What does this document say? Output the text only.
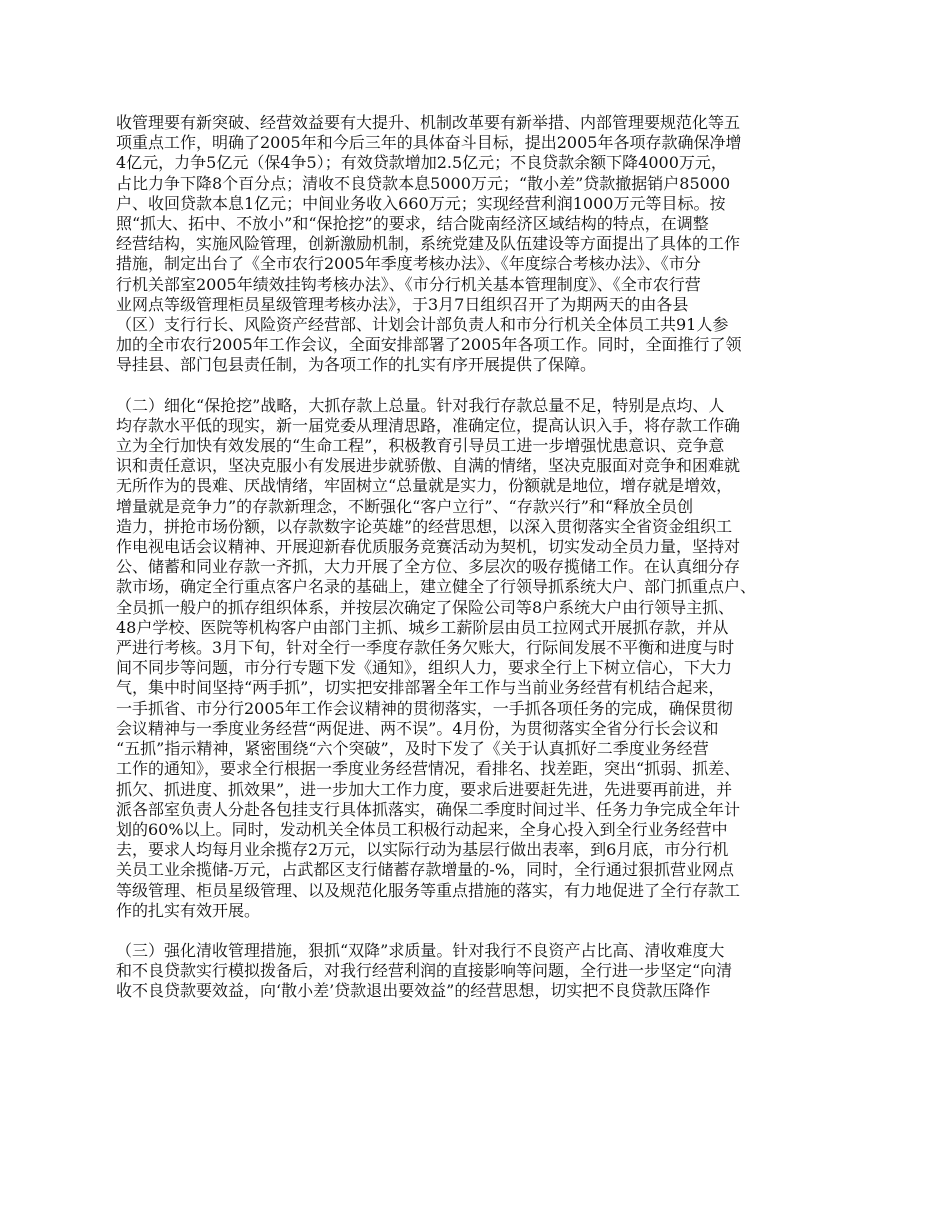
收管理要有新突破、经营效益要有大提升、机制改革要有新举措、内部管理要规范化等五
项重点工作，明确了2005年和今后三年的具体奋斗目标，提出2005年各项存款确保净增
4亿元，力争5亿元（保4争5）；有效贷款增加2.5亿元；不良贷款余额下降4000万元，
占比力争下降8个百分点；清收不良贷款本息5000万元；“散小差”贷款撤据销户85000
户、收回贷款本息1亿元；中间业务收入660万元；实现经营利润1000万元等目标。按
照“抓大、拓中、不放小”和“保抢挖”的要求，结合陇南经济区域结构的特点，在调整
经营结构，实施风险管理，创新激励机制，系统党建及队伍建设等方面提出了具体的工作
措施，制定出台了《全市农行2005年季度考核办法》、《年度综合考核办法》、《市分
行机关部室2005年绩效挂钩考核办法》、《市分行机关基本管理制度》、《全市农行营
业网点等级管理柜员星级管理考核办法》，于3月7日组织召开了为期两天的由各县
（区）支行行长、风险资产经营部、计划会计部负责人和市分行机关全体员工共91人参
加的全市农行2005年工作会议，全面安排部署了2005年各项工作。同时，全面推行了领
导挂县、部门包县责任制，为各项工作的扎实有序开展提供了保障。

（二）细化“保抢挖”战略，大抓存款上总量。针对我行存款总量不足，特别是点均、人
均存款水平低的现实，新一届党委从理清思路，准确定位，提高认识入手，将存款工作确
立为全行加快有效发展的“生命工程”，积极教育引导员工进一步增强忧患意识、竞争意
识和责任意识，坚决克服小有发展进步就骄傲、自满的情绪，坚决克服面对竞争和困难就
无所作为的畏难、厌战情绪，牢固树立“总量就是实力，份额就是地位，增存就是增效，
增量就是竞争力”的存款新理念，不断强化“客户立行”、“存款兴行”和“释放全员创
造力，拼抢市场份额，以存款数字论英雄”的经营思想，以深入贯彻落实全省资金组织工
作电视电话会议精神、开展迎新春优质服务竞赛活动为契机，切实发动全员力量，坚持对
公、储蓄和同业存款一齐抓，大力开展了全方位、多层次的吸存揽储工作。在认真细分存
款市场，确定全行重点客户名录的基础上，建立健全了行领导抓系统大户、部门抓重点户、
全员抓一般户的抓存组织体系，并按层次确定了保险公司等8户系统大户由行领导主抓、
48户学校、医院等机构客户由部门主抓、城乡工薪阶层由员工拉网式开展抓存款，并从
严进行考核。3月下旬，针对全行一季度存款任务欠账大，行际间发展不平衡和进度与时
间不同步等问题，市分行专题下发《通知》，组织人力，要求全行上下树立信心，下大力
气，集中时间坚持“两手抓”，切实把安排部署全年工作与当前业务经营有机结合起来，
一手抓省、市分行2005年工作会议精神的贯彻落实，一手抓各项任务的完成，确保贯彻
会议精神与一季度业务经营“两促进、两不误”。4月份，为贯彻落实全省分行长会议和
“五抓”指示精神，紧密围绕“六个突破”，及时下发了《关于认真抓好二季度业务经营
工作的通知》，要求全行根据一季度业务经营情况，看排名、找差距，突出“抓弱、抓差、
抓欠、抓进度、抓效果”，进一步加大工作力度，要求后进要赶先进，先进要再前进，并
派各部室负责人分赴各包挂支行具体抓落实，确保二季度时间过半、任务力争完成全年计
划的60%以上。同时，发动机关全体员工积极行动起来，全身心投入到全行业务经营中
去，要求人均每月业余揽存2万元，以实际行动为基层行做出表率，到6月底，市分行机
关员工业余揽储-万元，占武都区支行储蓄存款增量的-%，同时，全行通过狠抓营业网点
等级管理、柜员星级管理、以及规范化服务等重点措施的落实，有力地促进了全行存款工
作的扎实有效开展。

（三）强化清收管理措施，狠抓“双降”求质量。针对我行不良资产占比高、清收难度大
和不良贷款实行模拟拨备后，对我行经营利润的直接影响等问题，全行进一步坚定“向清
收不良贷款要效益，向‘散小差’贷款退出要效益”的经营思想，切实把不良贷款压降作
